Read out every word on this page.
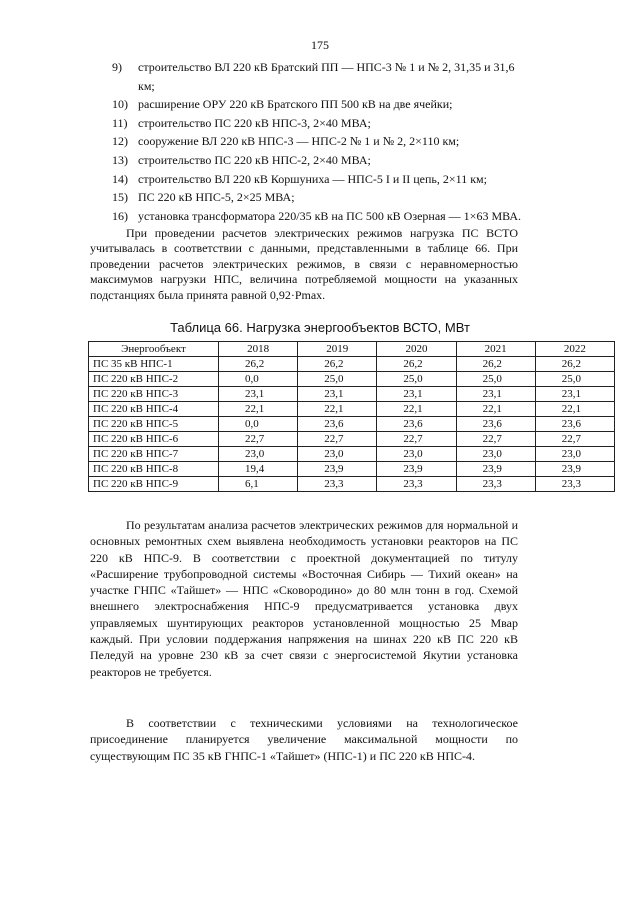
175
9) строительство ВЛ 220 кВ Братский ПП — НПС-3 № 1 и № 2, 31,35 и 31,6 км;
10) расширение ОРУ 220 кВ Братского ПП 500 кВ на две ячейки;
11) строительство ПС 220 кВ НПС-3, 2×40 МВА;
12) сооружение ВЛ 220 кВ НПС-3 — НПС-2 № 1 и № 2, 2×110 км;
13) строительство ПС 220 кВ НПС-2, 2×40 МВА;
14) строительство ВЛ 220 кВ Коршуниха — НПС-5 I и II цепь, 2×11 км;
15) ПС 220 кВ НПС-5, 2×25 МВА;
16) установка трансформатора 220/35 кВ на ПС 500 кВ Озерная — 1×63 МВА.

При проведении расчетов электрических режимов нагрузка ПС ВСТО учитывалась в соответствии с данными, представленными в таблице 66. При проведении расчетов электрических режимов, в связи с неравномерностью максимумов нагрузки НПС, величина потребляемой мощности на указанных подстанциях была принята равной 0,92·Pmax.

Таблица 66. Нагрузка энергообъектов ВСТО, МВт
Энергообъект	2018	2019	2020	2021	2022
ПС 35 кВ НПС-1	26,2	26,2	26,2	26,2	26,2
ПС 220 кВ НПС-2	0,0	25,0	25,0	25,0	25,0
ПС 220 кВ НПС-3	23,1	23,1	23,1	23,1	23,1
ПС 220 кВ НПС-4	22,1	22,1	22,1	22,1	22,1
ПС 220 кВ НПС-5	0,0	23,6	23,6	23,6	23,6
ПС 220 кВ НПС-6	22,7	22,7	22,7	22,7	22,7
ПС 220 кВ НПС-7	23,0	23,0	23,0	23,0	23,0
ПС 220 кВ НПС-8	19,4	23,9	23,9	23,9	23,9
ПС 220 кВ НПС-9	6,1	23,3	23,3	23,3	23,3

По результатам анализа расчетов электрических режимов для нормальной и основных ремонтных схем выявлена необходимость установки реакторов на ПС 220 кВ НПС-9. В соответствии с проектной документацией по титулу «Расширение трубопроводной системы «Восточная Сибирь — Тихий океан» на участке ГНПС «Тайшет» — НПС «Сковородино» до 80 млн тонн в год. Схемой внешнего электроснабжения НПС-9 предусматривается установка двух управляемых шунтирующих реакторов установленной мощностью 25 Мвар каждый. При условии поддержания напряжения на шинах 220 кВ ПС 220 кВ Пеледуй на уровне 230 кВ за счет связи с энергосистемой Якутии установка реакторов не требуется.

В соответствии с техническими условиями на технологическое присоединение планируется увеличение максимальной мощности по существующим ПС 35 кВ ГНПС-1 «Тайшет» (НПС-1) и ПС 220 кВ НПС-4.
